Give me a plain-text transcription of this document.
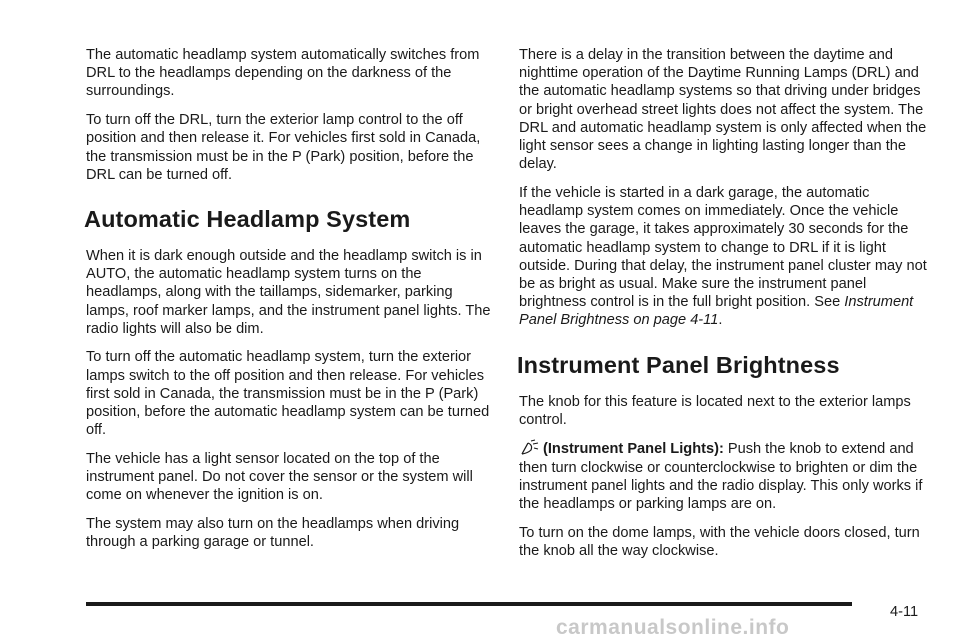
The automatic headlamp system automatically switches from DRL to the headlamps depending on the darkness of the surroundings.

To turn off the DRL, turn the exterior lamp control to the off position and then release it. For vehicles first sold in Canada, the transmission must be in the P (Park) position, before the DRL can be turned off.

Automatic Headlamp System

When it is dark enough outside and the headlamp switch is in AUTO, the automatic headlamp system turns on the headlamps, along with the taillamps, sidemarker, parking lamps, roof marker lamps, and the instrument panel lights. The radio lights will also be dim.

To turn off the automatic headlamp system, turn the exterior lamps switch to the off position and then release. For vehicles first sold in Canada, the transmission must be in the P (Park) position, before the automatic headlamp system can be turned off.

The vehicle has a light sensor located on the top of the instrument panel. Do not cover the sensor or the system will come on whenever the ignition is on.

The system may also turn on the headlamps when driving through a parking garage or tunnel.

There is a delay in the transition between the daytime and nighttime operation of the Daytime Running Lamps (DRL) and the automatic headlamp systems so that driving under bridges or bright overhead street lights does not affect the system. The DRL and automatic headlamp system is only affected when the light sensor sees a change in lighting lasting longer than the delay.

If the vehicle is started in a dark garage, the automatic headlamp system comes on immediately. Once the vehicle leaves the garage, it takes approximately 30 seconds for the automatic headlamp system to change to DRL if it is light outside. During that delay, the instrument panel cluster may not be as bright as usual. Make sure the instrument panel brightness control is in the full bright position. See Instrument Panel Brightness on page 4-11.

Instrument Panel Brightness

The knob for this feature is located next to the exterior lamps control.

(Instrument Panel Lights): Push the knob to extend and then turn clockwise or counterclockwise to brighten or dim the instrument panel lights and the radio display. This only works if the headlamps or parking lamps are on.

To turn on the dome lamps, with the vehicle doors closed, turn the knob all the way clockwise.

4-11
carmanualsonline.info
